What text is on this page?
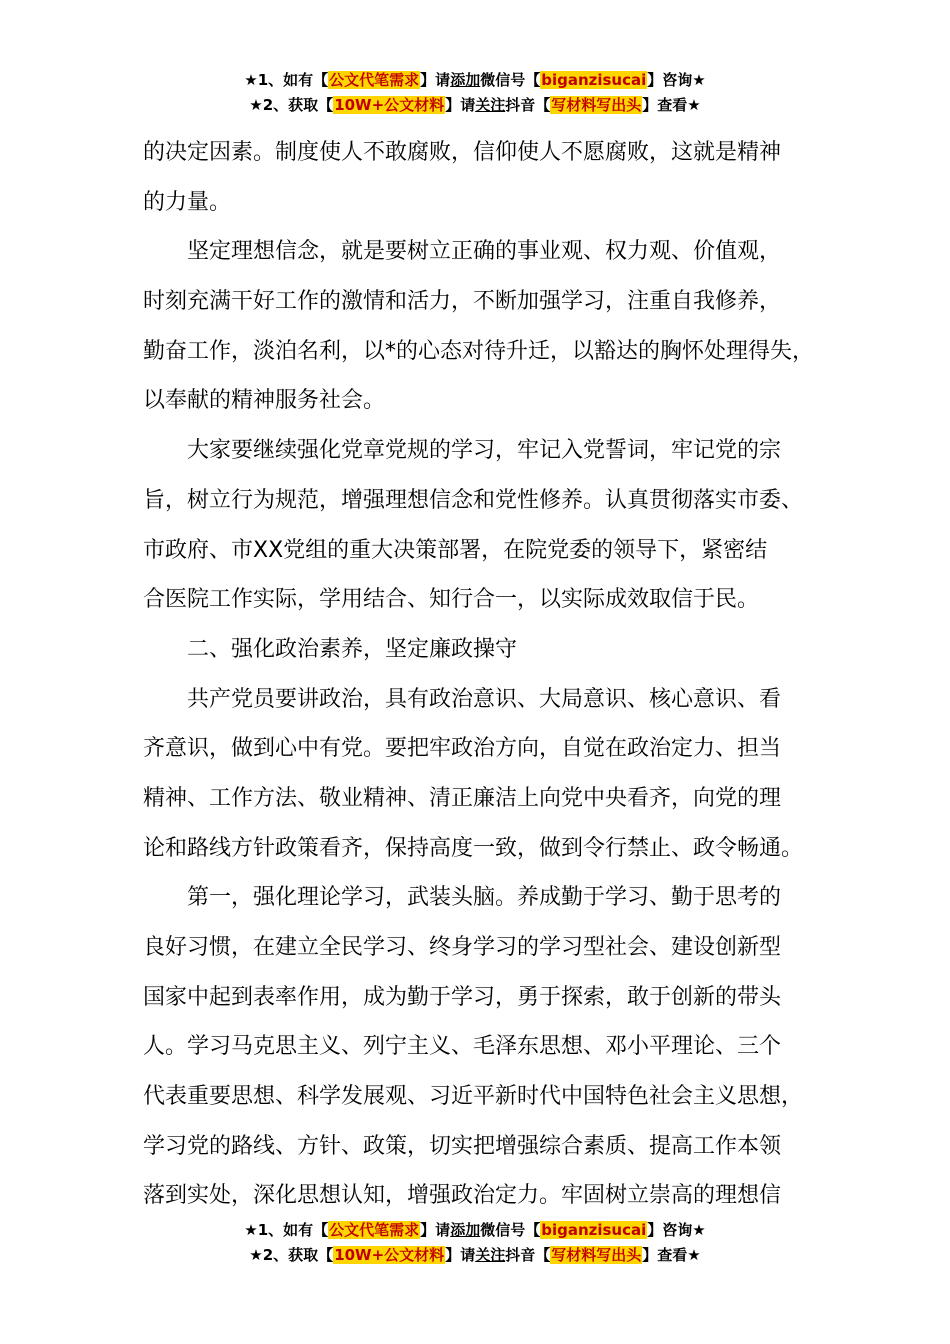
★1、如有【公文代笔需求】请添加微信号【biganzisucai】咨询★
★2、获取【10W+公文材料】请关注抖音【写材料写出头】查看★
的决定因素。制度使人不敢腐败，信仰使人不愿腐败，这就是精神
的力量。
　　坚定理想信念，就是要树立正确的事业观、权力观、价值观，
时刻充满干好工作的激情和活力，不断加强学习，注重自我修养，
勤奋工作，淡泊名利，以*的心态对待升迁，以豁达的胸怀处理得失，
以奉献的精神服务社会。
　　大家要继续强化党章党规的学习，牢记入党誓词，牢记党的宗
旨，树立行为规范，增强理想信念和党性修养。认真贯彻落实市委、
市政府、市XX党组的重大决策部署，在院党委的领导下，紧密结
合医院工作实际，学用结合、知行合一，以实际成效取信于民。
　　二、强化政治素养，坚定廉政操守
　　共产党员要讲政治，具有政治意识、大局意识、核心意识、看
齐意识，做到心中有党。要把牢政治方向，自觉在政治定力、担当
精神、工作方法、敬业精神、清正廉洁上向党中央看齐，向党的理
论和路线方针政策看齐，保持高度一致，做到令行禁止、政令畅通。
　　第一，强化理论学习，武装头脑。养成勤于学习、勤于思考的
良好习惯，在建立全民学习、终身学习的学习型社会、建设创新型
国家中起到表率作用，成为勤于学习，勇于探索，敢于创新的带头
人。学习马克思主义、列宁主义、毛泽东思想、邓小平理论、三个
代表重要思想、科学发展观、习近平新时代中国特色社会主义思想，
学习党的路线、方针、政策，切实把增强综合素质、提高工作本领
落到实处，深化思想认知，增强政治定力。牢固树立崇高的理想信
★1、如有【公文代笔需求】请添加微信号【biganzisucai】咨询★
★2、获取【10W+公文材料】请关注抖音【写材料写出头】查看★
